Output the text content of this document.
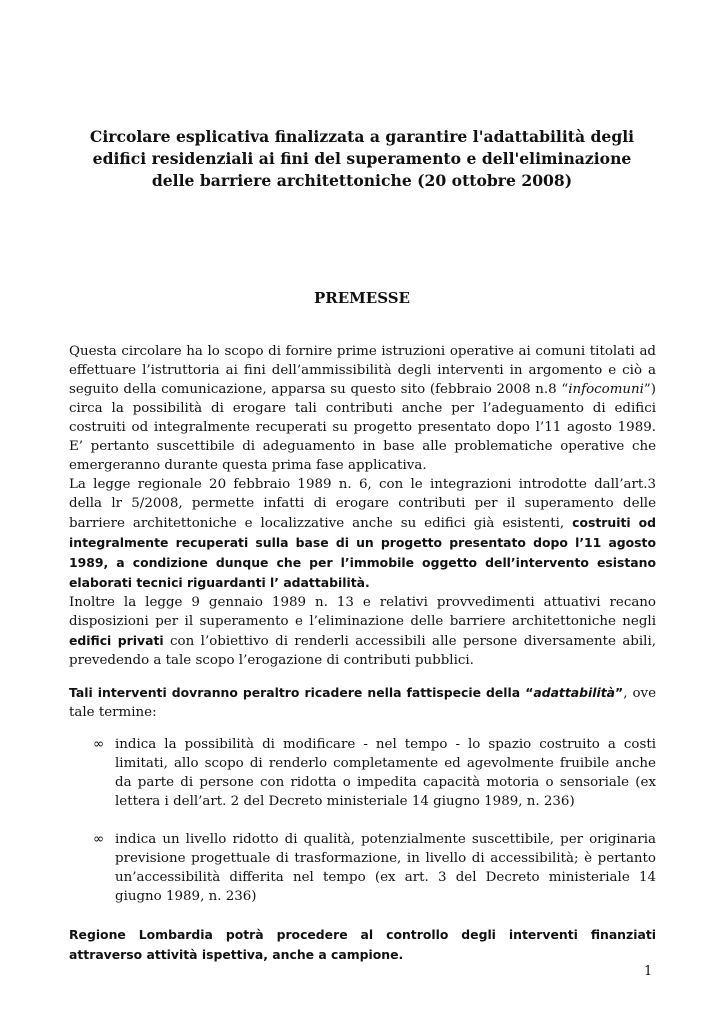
Circolare esplicativa finalizzata a garantire l'adattabilità degli edifici residenziali ai fini del superamento e dell'eliminazione delle barriere architettoniche (20 ottobre 2008)
PREMESSE

Questa circolare ha lo scopo di fornire prime istruzioni operative ai comuni titolati ad effettuare l’istruttoria ai fini dell’ammissibilità degli interventi in argomento e ciò a seguito della comunicazione, apparsa su questo sito (febbraio 2008 n.8 “infocomuni”) circa la possibilità di erogare tali contributi anche per l’adeguamento di edifici costruiti od integralmente recuperati su progetto presentato dopo l’11 agosto 1989. E’ pertanto suscettibile di adeguamento in base alle problematiche operative che emergeranno durante questa prima fase applicativa.

La legge regionale 20 febbraio 1989 n. 6, con le integrazioni introdotte dall’art.3 della lr 5/2008, permette infatti di erogare contributi per il superamento delle barriere architettoniche e localizzative anche su edifici già esistenti, costruiti od integralmente recuperati sulla base di un progetto presentato dopo l’11 agosto 1989, a condizione dunque che per l’immobile oggetto dell’intervento esistano elaborati tecnici riguardanti l’ adattabilità.

Inoltre la legge 9 gennaio 1989 n. 13 e relativi provvedimenti attuativi recano disposizioni per il superamento e l’eliminazione delle barriere architettoniche negli edifici privati con l’obiettivo di renderli accessibili alle persone diversamente abili, prevedendo a tale scopo l’erogazione di contributi pubblici.

Tali interventi dovranno peraltro ricadere nella fattispecie della “adattabilità”, ove tale termine:

∞ indica la possibilità di modificare - nel tempo - lo spazio costruito a costi limitati, allo scopo di renderlo completamente ed agevolmente fruibile anche da parte di persone con ridotta o impedita capacità motoria o sensoriale (ex lettera i dell’art. 2 del Decreto ministeriale 14 giugno 1989, n. 236)

∞ indica un livello ridotto di qualità, potenzialmente suscettibile, per originaria previsione progettuale di trasformazione, in livello di accessibilità; è pertanto un’accessibilità differita nel tempo (ex art. 3 del Decreto ministeriale 14 giugno 1989, n. 236)

Regione Lombardia potrà procedere al controllo degli interventi finanziati attraverso attività ispettiva, anche a campione.

1
